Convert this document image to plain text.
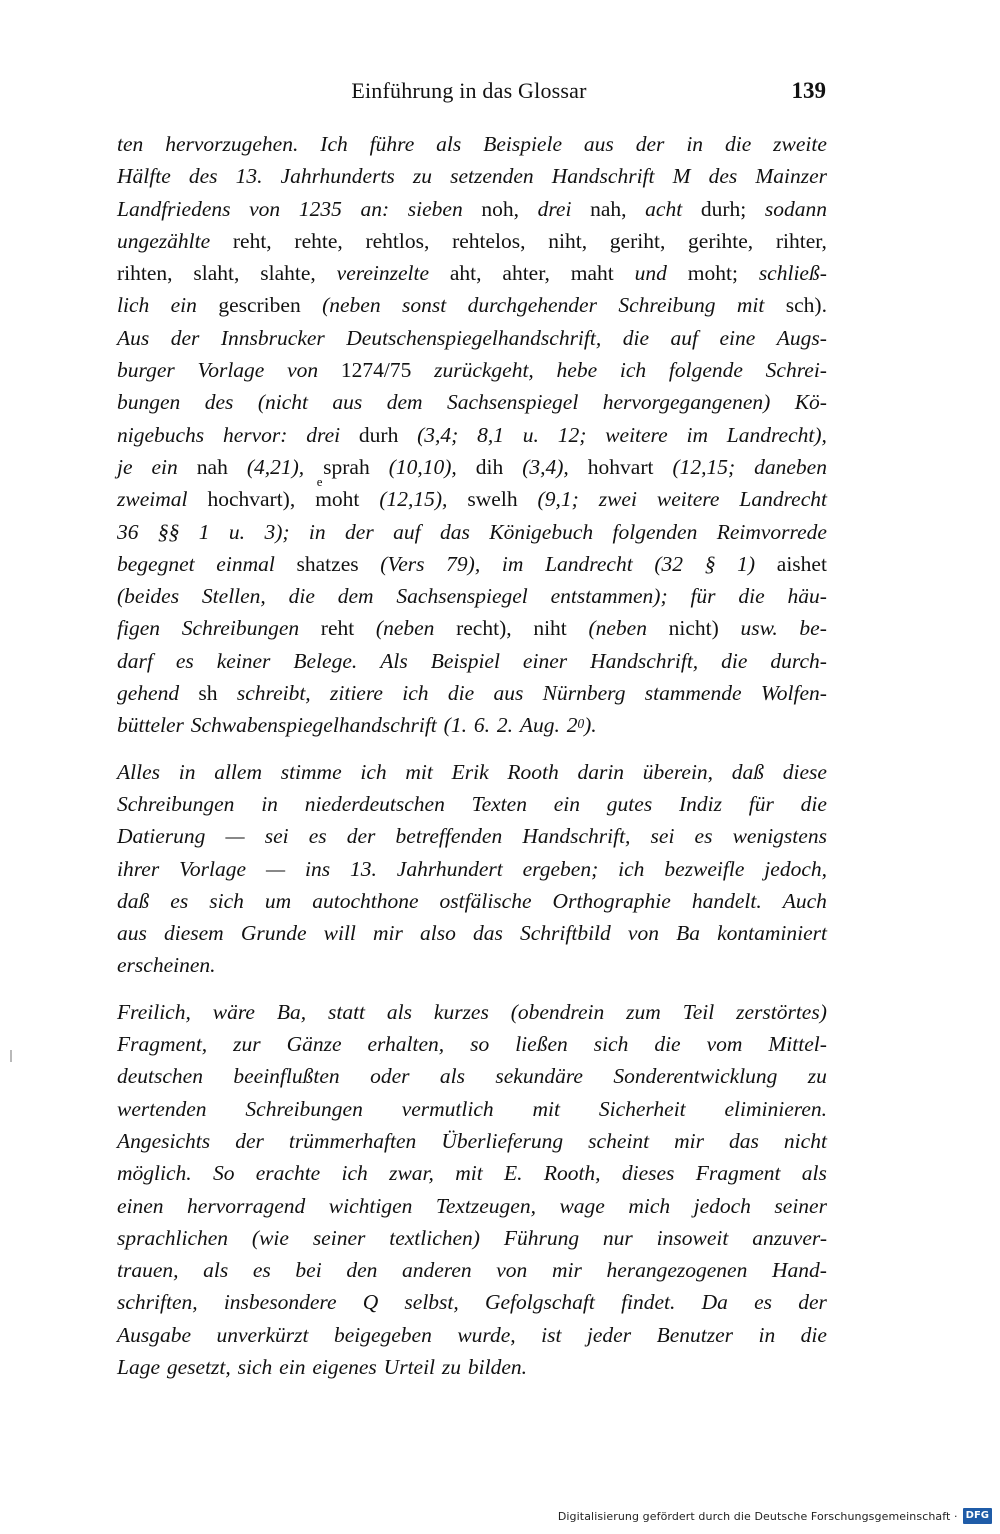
Einführung in das Glossar	139
ten hervorzugehen. Ich führe als Beispiele aus der in die zweite
Hälfte des 13. Jahrhunderts zu setzenden Handschrift M des Mainzer
Landfriedens von 1235 an: sieben noh, drei nah, acht durh; sodann
ungezählte reht, rehte, rehtlos, rehtelos, niht, geriht, gerihte, rihter,
rihten, slaht, slahte, vereinzelte aht, ahter, maht und moht; schließ-
lich ein gescriben (neben sonst durchgehender Schreibung mit sch).
Aus der Innsbrucker Deutschenspiegelhandschrift, die auf eine Augs-
burger Vorlage von 1274/75 zurückgeht, hebe ich folgende Schrei-
bungen des (nicht aus dem Sachsenspiegel hervorgegangenen) Kö-
nigebuchs hervor: drei durh (3,4; 8,1 u. 12; weitere im Landrecht),
je ein nah (4,21), sprah (10,10), dih (3,4), hohvart (12,15; daneben
zweimal hochvart),
e moht (12,15), swelh (9,1; zwei weitere Landrecht
36 §§ 1 u. 3); in der auf das Königebuch folgenden Reimvorrede
begegnet einmal shatzes (Vers 79), im Landrecht (32 § 1) aishet
(beides Stellen, die dem Sachsenspiegel entstammen); für die häu-
figen Schreibungen reht (neben recht), niht (neben nicht) usw. be-
darf es keiner Belege. Als Beispiel einer Handschrift, die durch-
gehend sh schreibt, zitiere ich die aus Nürnberg stammende Wolfen-
bütteler Schwabenspiegelhandschrift (1. 6. 2. Aug. $2^0$).
Alles in allem stimme ich mit Erik Rooth darin überein, daß diese
Schreibungen in niederdeutschen Texten ein gutes Indiz für die
Datierung — sei es der betreffenden Handschrift, sei es wenigstens
ihrer Vorlage — ins 13. Jahrhundert ergeben; ich bezweifle jedoch,
daß es sich um autochthone ostfälische Orthographie handelt. Auch
aus diesem Grunde will mir also das Schriftbild von Ba kontaminiert
erscheinen.
Freilich, wäre Ba, statt als kurzes (obendrein zum Teil zerstörtes)
Fragment, zur Gänze erhalten, so ließen sich die vom Mittel-
deutschen beeinflußten oder als sekundäre Sonderentwicklung zu
wertenden Schreibungen vermutlich mit Sicherheit eliminieren.
Angesichts der trümmerhaften Überlieferung scheint mir das nicht
möglich. So erachte ich zwar, mit E. Rooth, dieses Fragment als
einen hervorragend wichtigen Textzeugen, wage mich jedoch seiner
sprachlichen (wie seiner textlichen) Führung nur insoweit anzuver-
trauen, als es bei den anderen von mir herangezogenen Hand-
schriften, insbesondere Q selbst, Gefolgschaft findet. Da es der
Ausgabe unverkürzt beigegeben wurde, ist jeder Benutzer in die
Lage gesetzt, sich ein eigenes Urteil zu bilden.
Digitalisierung gefördert durch die Deutsche Forschungsgemeinschaft · DFG
